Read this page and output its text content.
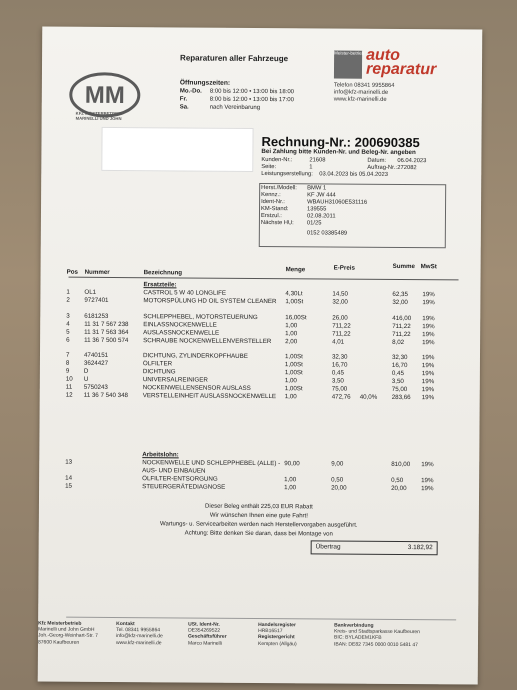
MM
KFZ MEISTERBETRIEB
MARINELLI UND JOHN
Reparaturen aller Fahrzeuge
Öffnungszeiten:
Mo.-Do. 8:00 bis 12:00 • 13:00 bis 18:00
Fr.	8:00 bis 12:00 • 13:00 bis 17:00
Sa.	nach Vereinbarung
Meister-betrieb auto
reparatur
Telefon 08341 9955864
info@kfz-marinelli.de
www.kfz-marinelli.de
Rechnung-Nr.: 200690385
Bei Zahlung bitte Kunden-Nr. und Beleg-Nr. angeben
Kunden-Nr.:	21608	Datum: 06.04.2023
Seite:	1	Auftrag-Nr.:272082
Leistungserstellung: 03.04.2023 bis 05.04.2023
Herst./Modell: BMW 1
Kennz.:	KF JW 444
Ident-Nr.:	WBAUH31060E531116
KM-Stand:	139555
Erstzul.:	02.08.2011
Nächste HU: 01/25
0152 03385489
Pos Nummer	Bezeichnung	Menge	E-Preis	Summe MwSt
Ersatzteile:
1 OL1	CASTROL 5 W 40 LONGLIFE	4,30Lt	14,50	62,35 19%
2 9727401	MOTORSPÜLUNG HD OIL SYSTEM CLEANER	1,00St	32,00	32,00 19%
3 6181253	SCHLEPPHEBEL, MOTORSTEUERUNG	16,00St	26,00	416,00 19%
4 11 31 7 567 238 EINLASSNOCKENWELLE	1,00	711,22	711,22 19%
5 11 31 7 563 364 AUSLASSNOCKENWELLE	1,00	711,22	711,22 19%
6 11 36 7 500 574 SCHRAUBE NOCKENWELLENVERSTELLER	2,00	4,01	8,02	19%
7 4740151	DICHTUNG, ZYLINDERKOPFHAUBE	1,00St	32,30	32,30 19%
8 3624427	ÖLFILTER	1,00St	16,70	16,70 19%
9 D	DICHTUNG	1,00St	0,45	0,45	19%
10 U	UNIVERSALREINIGER	1,00	3,50	3,50	19%
11 5750243	NOCKENWELLENSENSOR AUSLASS	1,00St	75,00	75,00 19%
12 11 36 7 540 348 VERSTELLEINHEIT AUSLASSNOCKENWELLE	1,00	472,76 40,0% 283,66 19%
Arbeitslohn:
13	NOCKENWELLE UND SCHLEPPHEBEL (ALLE) - AUS- UND EINBAUEN
90,00	9,00	810,00 19%
14	ÖLFILTER-ENTSORGUNG	1,00	0,50	0,50	19%
15	STEUERGERÄTEDIAGNOSE	1,00	20,00	20,00 19%
Dieser Beleg enthält 225,03 EUR Rabatt
Wir wünschen Ihnen eine gute Fahrt!
Wartungs- u. Servicearbeiten werden nach Herstellervorgaben ausgeführt.
Achtung: Bitte denken Sie daran, dass bei Montage von
Übertrag	3.182,92
Kfz Meisterbetrieb
Marinelli und John GmbH
Joh.-Georg-Weinhart-Str. 7
87600 Kaufbeuren
Kontakt
Tel. 08341 9955864
info@kfz-marinelli.de
www.kfz-marinelli.de
USt. Ident-Nr.
DE354269522
Geschäftsführer
Marco Marinelli
Handelsregister
HRB16517
Registergericht
Kempten (Allgäu)
Bankverbindung
Kreis- und Stadtsparkasse Kaufbeuren
BIC: BYLADEM1KFB
IBAN: DE82 7345 0000 0010 5481 47
